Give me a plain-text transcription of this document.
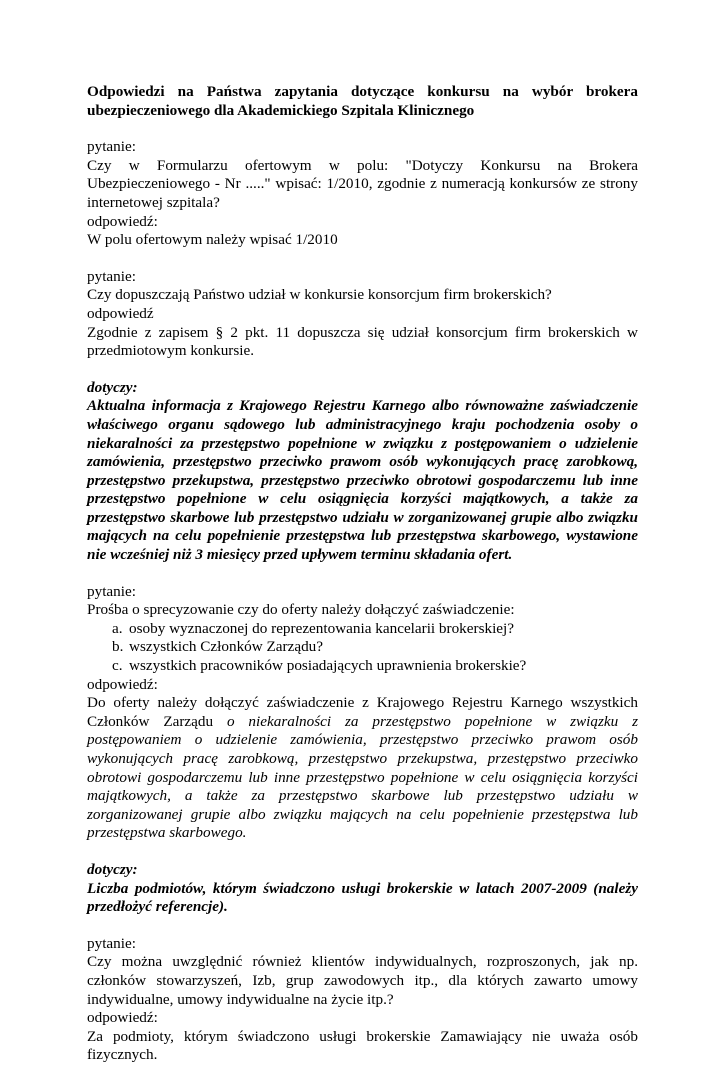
Odpowiedzi na Państwa zapytania dotyczące konkursu na wybór brokera ubezpieczeniowego dla Akademickiego Szpitala Klinicznego

pytanie:

Czy w Formularzu ofertowym w polu: "Dotyczy Konkursu na Brokera Ubezpieczeniowego - Nr ....." wpisać: 1/2010, zgodnie z numeracją konkursów ze strony internetowej szpitala?

odpowiedź:

W polu ofertowym należy wpisać 1/2010

pytanie:

Czy dopuszczają Państwo udział w konkursie konsorcjum firm brokerskich?

odpowiedź

Zgodnie z zapisem § 2 pkt. 11 dopuszcza się udział konsorcjum firm brokerskich w przedmiotowym konkursie.

dotyczy:

Aktualna informacja z Krajowego Rejestru Karnego albo równoważne zaświadczenie właściwego organu sądowego lub administracyjnego kraju pochodzenia osoby o niekaralności za przestępstwo popełnione w związku z postępowaniem o udzielenie zamówienia, przestępstwo przeciwko prawom osób wykonujących pracę zarobkową, przestępstwo przekupstwa, przestępstwo przeciwko obrotowi gospodarczemu lub inne przestępstwo popełnione w celu osiągnięcia korzyści majątkowych, a także za przestępstwo skarbowe lub przestępstwo udziału w zorganizowanej grupie albo związku mających na celu popełnienie przestępstwa lub przestępstwa skarbowego, wystawione nie wcześniej niż 3 miesięcy przed upływem terminu składania ofert.

pytanie:

Prośba o sprecyzowanie czy do oferty należy dołączyć zaświadczenie:

a. osoby wyznaczonej do reprezentowania kancelarii brokerskiej?
b. wszystkich Członków Zarządu?
c. wszystkich pracowników posiadających uprawnienia brokerskie?

odpowiedź:

Do oferty należy dołączyć zaświadczenie z Krajowego Rejestru Karnego wszystkich Członków Zarządu o niekaralności za przestępstwo popełnione w związku z postępowaniem o udzielenie zamówienia, przestępstwo przeciwko prawom osób wykonujących pracę zarobkową, przestępstwo przekupstwa, przestępstwo przeciwko obrotowi gospodarczemu lub inne przestępstwo popełnione w celu osiągnięcia korzyści majątkowych, a także za przestępstwo skarbowe lub przestępstwo udziału w zorganizowanej grupie albo związku mających na celu popełnienie przestępstwa lub przestępstwa skarbowego.

dotyczy:

Liczba podmiotów, którym świadczono usługi brokerskie w latach 2007-2009 (należy przedłożyć referencje).

pytanie:

Czy można uwzględnić również klientów indywidualnych, rozproszonych, jak np. członków stowarzyszeń, Izb, grup zawodowych itp., dla których zawarto umowy indywidualne, umowy indywidualne na życie itp.?

odpowiedź:

Za podmioty, którym świadczono usługi brokerskie Zamawiający nie uważa osób fizycznych.
